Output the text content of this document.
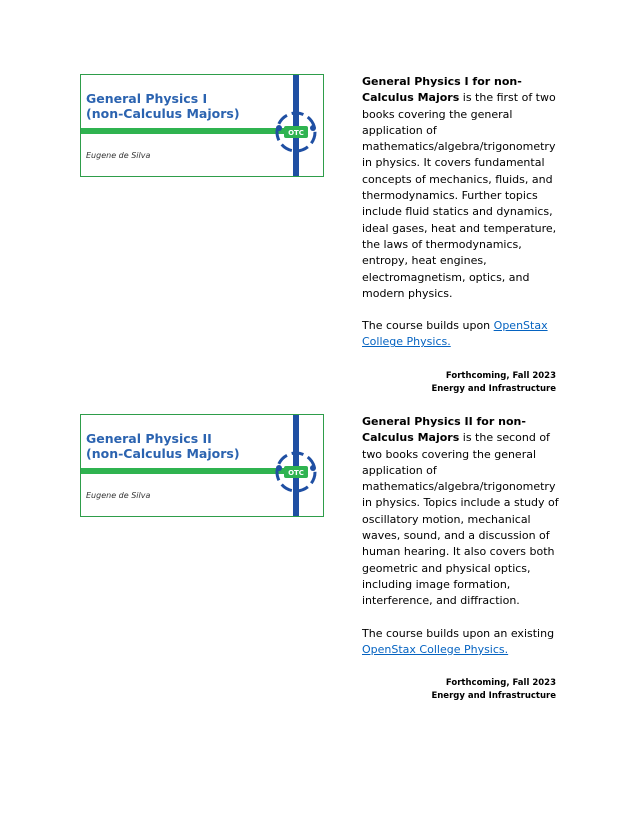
General Physics I
(non-Calculus Majors)
Eugene de Silva
OTC

General Physics I for non-Calculus Majors is the first of two books covering the general application of mathematics/algebra/trigonometry in physics. It covers fundamental concepts of mechanics, fluids, and thermodynamics. Further topics include fluid statics and dynamics, ideal gases, heat and temperature, the laws of thermodynamics, entropy, heat engines, electromagnetism, optics, and modern physics.

The course builds upon OpenStax College Physics.

Forthcoming, Fall 2023
Energy and Infrastructure
General Physics II
(non-Calculus Majors)
Eugene de Silva
OTC

General Physics II for non-Calculus Majors is the second of two books covering the general application of mathematics/algebra/trigonometry in physics. Topics include a study of oscillatory motion, mechanical waves, sound, and a discussion of human hearing. It also covers both geometric and physical optics, including image formation, interference, and diffraction.

The course builds upon an existing OpenStax College Physics.

Forthcoming, Fall 2023
Energy and Infrastructure
